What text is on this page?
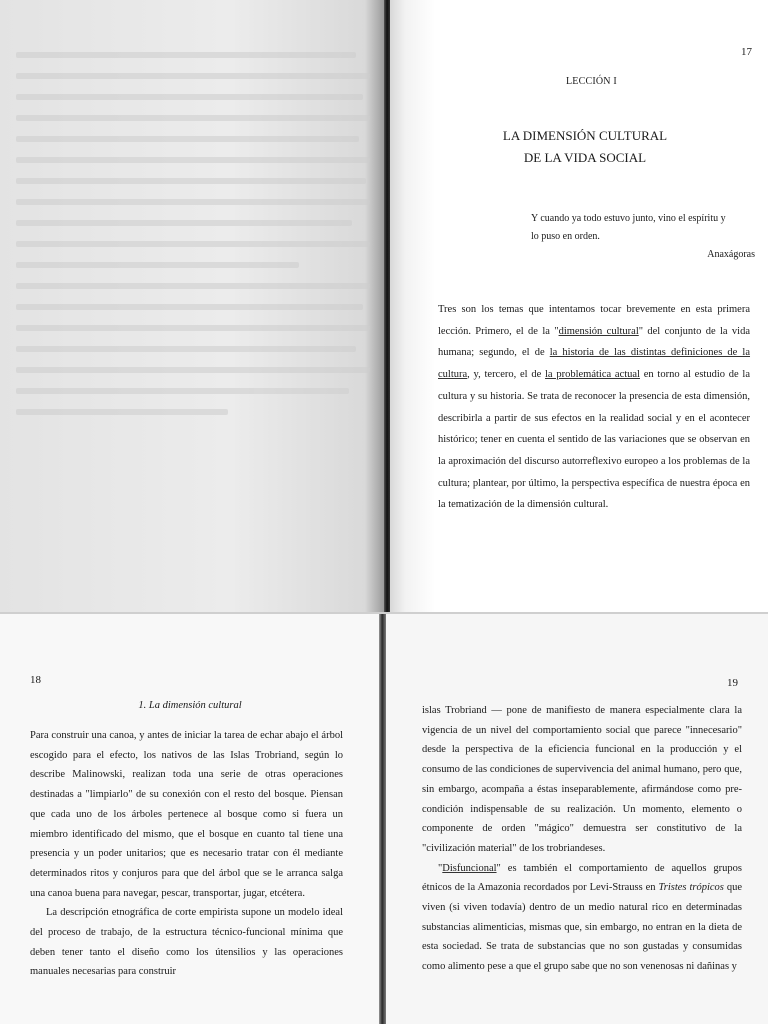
17
LECCIÓN I
LA DIMENSIÓN CULTURAL
DE LA VIDA SOCIAL
Y cuando ya todo estuvo junto, vino el espíritu y
lo puso en orden.
Anaxágoras

Tres son los temas que intentamos tocar brevemente en esta primera lección. Primero, el de la "dimensión cultural" del conjunto de la vida humana; segundo, el de la historia de las distintas definiciones de la cultura, y, tercero, el de la problemática actual en torno al estudio de la cultura y su historia. Se trata de reconocer la presencia de esta dimensión, describirla a partir de sus efectos en la realidad social y en el acontecer histórico; tener en cuenta el sentido de las variaciones que se observan en la aproximación del discurso autorreflexivo europeo a los problemas de la cultura; plantear, por último, la perspectiva específica de nuestra época en la tematización de la dimensión cultural.

18
1. La dimensión cultural

Para construir una canoa, y antes de iniciar la tarea de echar abajo el árbol escogido para el efecto, los nativos de las Islas Trobriand, según lo describe Malinowski, realizan toda una serie de otras operaciones destinadas a "limpiarlo" de su conexión con el resto del bosque. Piensan que cada uno de los árboles pertenece al bosque como si fuera un miembro identificado del mismo, que el bosque en cuanto tal tiene una presencia y un poder unitarios; que es necesario tratar con él mediante determinados ritos y conjuros para que del árbol que se le arranca salga una canoa buena para navegar, pescar, transportar, jugar, etcétera.

La descripción etnográfica de corte empirista supone un modelo ideal del proceso de trabajo, de la estructura técnico-funcional mínima que deben tener tanto el diseño como los útensilios y las operaciones manuales necesarias para construir

19

islas Trobriand — pone de manifiesto de manera especialmente clara la vigencia de un nivel del comportamiento social que parece "innecesario" desde la perspectiva de la eficiencia funcional en la producción y el consumo de las condiciones de supervivencia del animal humano, pero que, sin embargo, acompaña a éstas inseparablemente, afirmándose como pre-condición indispensable de su realización. Un momento, elemento o componente de orden "mágico" demuestra ser constitutivo de la "civilización material" de los trobriandeses.

"Disfuncional" es también el comportamiento de aquellos grupos étnicos de la Amazonia recordados por Levi-Strauss en Tristes trópicos que viven (si viven todavía) dentro de un medio natural rico en determinadas substancias alimenticias, mismas que, sin embargo, no entran en la dieta de esta sociedad. Se trata de substancias que no son gustadas y consumidas como alimento pese a que el grupo sabe que no son venenosas ni dañinas y
